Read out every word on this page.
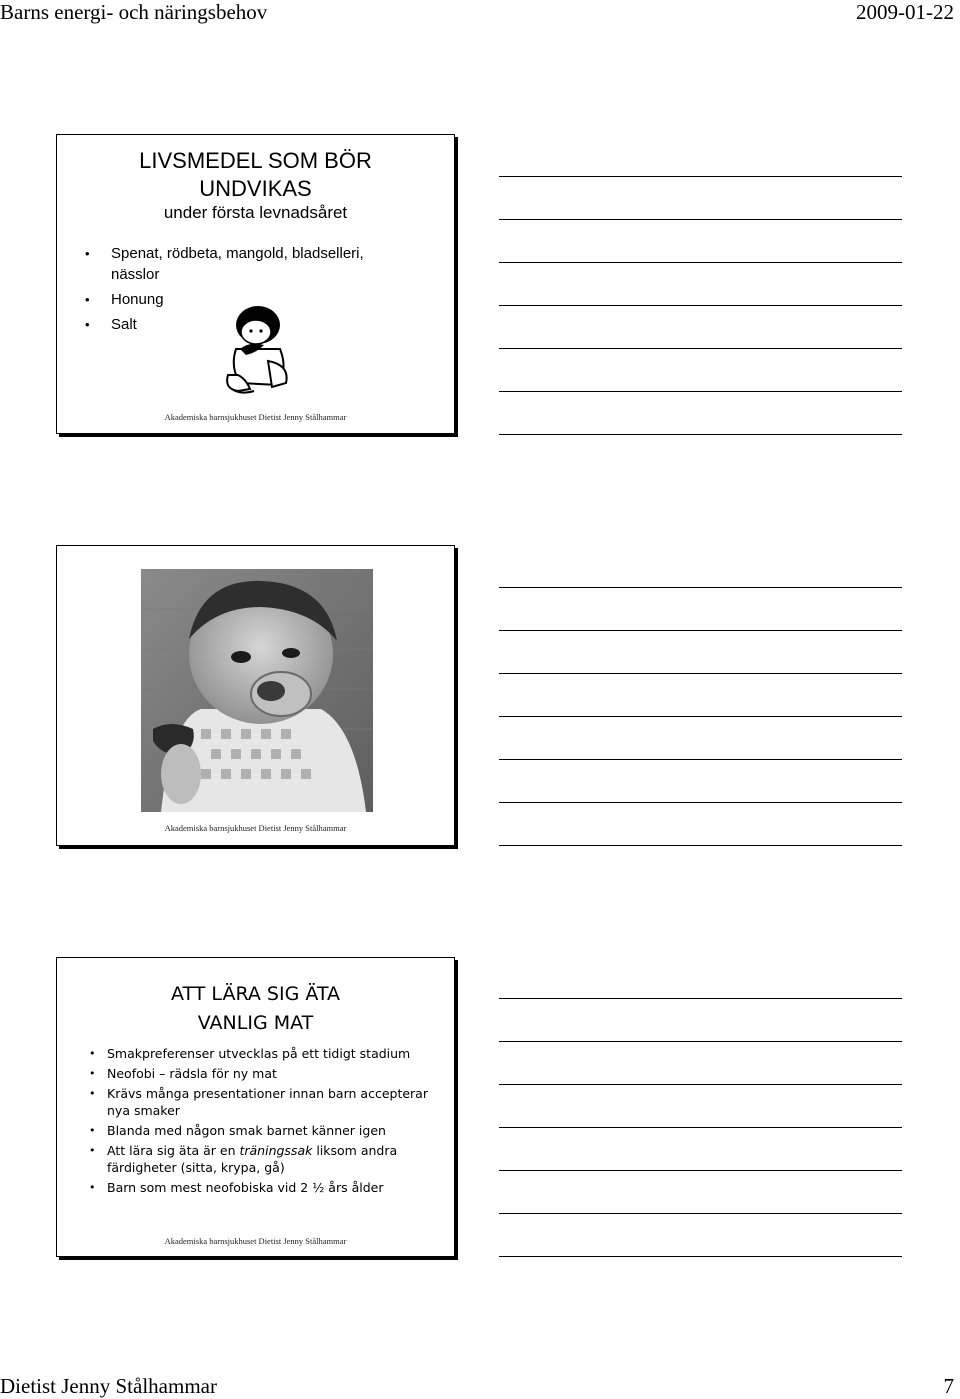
Barns energi- och näringsbehov	2009-01-22
LIVSMEDEL SOM BÖR
UNDVIKAS
under första levnadsåret
• Spenat, rödbeta, mangold, bladselleri, nässlor
• Honung
• Salt
Akademiska barnsjukhuset Dietist Jenny Stålhammar
Akademiska barnsjukhuset Dietist Jenny Stålhammar
ATT LÄRA SIG ÄTA
VANLIG MAT
• Smakpreferenser utvecklas på ett tidigt stadium
• Neofobi – rädsla för ny mat
• Krävs många presentationer innan barn accepterar nya smaker
• Blanda med någon smak barnet känner igen
• Att lära sig äta är en träningssak liksom andra färdigheter (sitta, krypa, gå)
• Barn som mest neofobiska vid 2 ½ års ålder
Akademiska barnsjukhuset Dietist Jenny Stålhammar
Dietist Jenny Stålhammar	7
